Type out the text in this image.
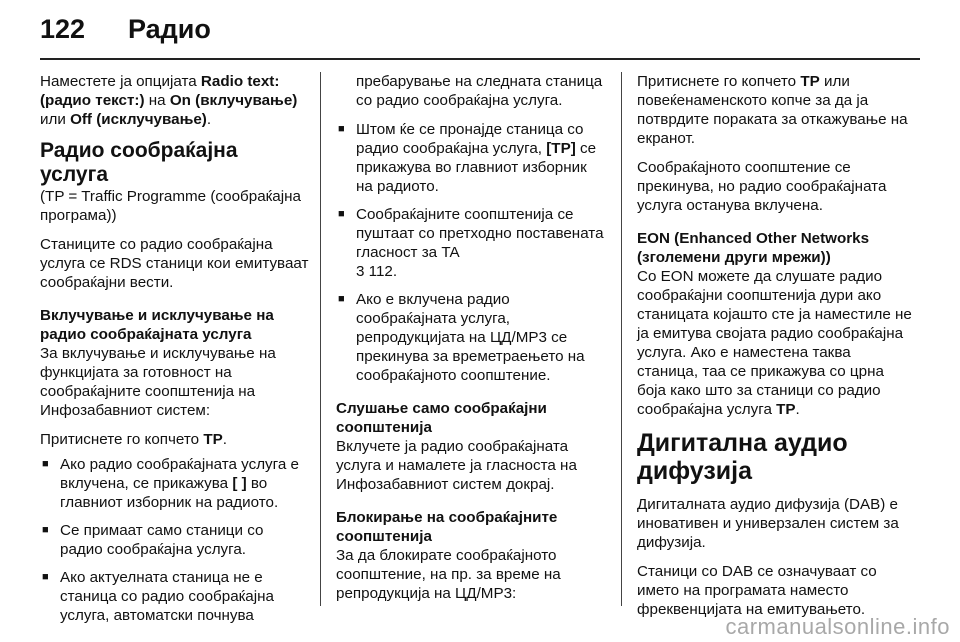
122 Радио

Наместете ја опцијата Radio text: (радио текст:) на On (вклучување) или Off (исклучување).

Радио сообраќајна услуга
(TP = Traffic Programme (сообраќајна програма))

Станиците со радио сообраќајна услуга се RDS станици кои емитуваат сообраќајни вести.

Вклучување и исклучување на радио сообраќајната услуга

За вклучување и исклучување на функцијата за готовност на сообраќајните соопштенија на Инфозабавниот систем:

Притиснете го копчето TP.

■ Ако радио сообраќајната услуга е вклучена, се прикажува [ ] во главниот изборник на радиото.
■ Се примаат само станици со радио сообраќајна услуга.
■ Ако актуелната станица не е станица со радио сообраќајна услуга, автоматски почнува

пребарување на следната станица со радио сообраќајна услуга.

■ Штом ќе се пронајде станица со радио сообраќајна услуга, [TP] се прикажува во главниот изборник на радиото.
■ Сообраќајните соопштенија се пуштаат со претходно поставената гласност за TA
3 112.
■ Ако е вклучена радио сообраќајната услуга, репродукцијата на ЦД/MP3 се прекинува за времетраењето на сообраќајното соопштение.

Слушање само сообраќајни соопштенија

Вклучете ја радио сообраќајната услуга и намалете ја гласноста на Инфозабавниот систем докрај.

Блокирање на сообраќајните соопштенија

За да блокирате сообраќајното соопштение, на пр. за време на репродукција на ЦД/MP3:

Притиснете го копчето TP или повеќенаменското копче за да ја потврдите пораката за откажување на екранот.

Сообраќајното соопштение се прекинува, но радио сообраќајната услуга останува вклучена.

EON (Enhanced Other Networks (зголемени други мрежи))

Со EON можете да слушате радио сообраќајни соопштенија дури ако станицата којашто сте ја наместиле не ја емитува својата радио сообраќајна услуга. Ако е наместена таква станица, таа се прикажува со црна боја како што за станици со радио сообраќајна услуга TP.

Дигитална аудио дифузија

Дигиталната аудио дифузија (DAB) е иновативен и универзален систем за дифузија.

Станици со DAB се означуваат со името на програмата наместо фреквенцијата на емитувањето.

carmanualsonline.info
